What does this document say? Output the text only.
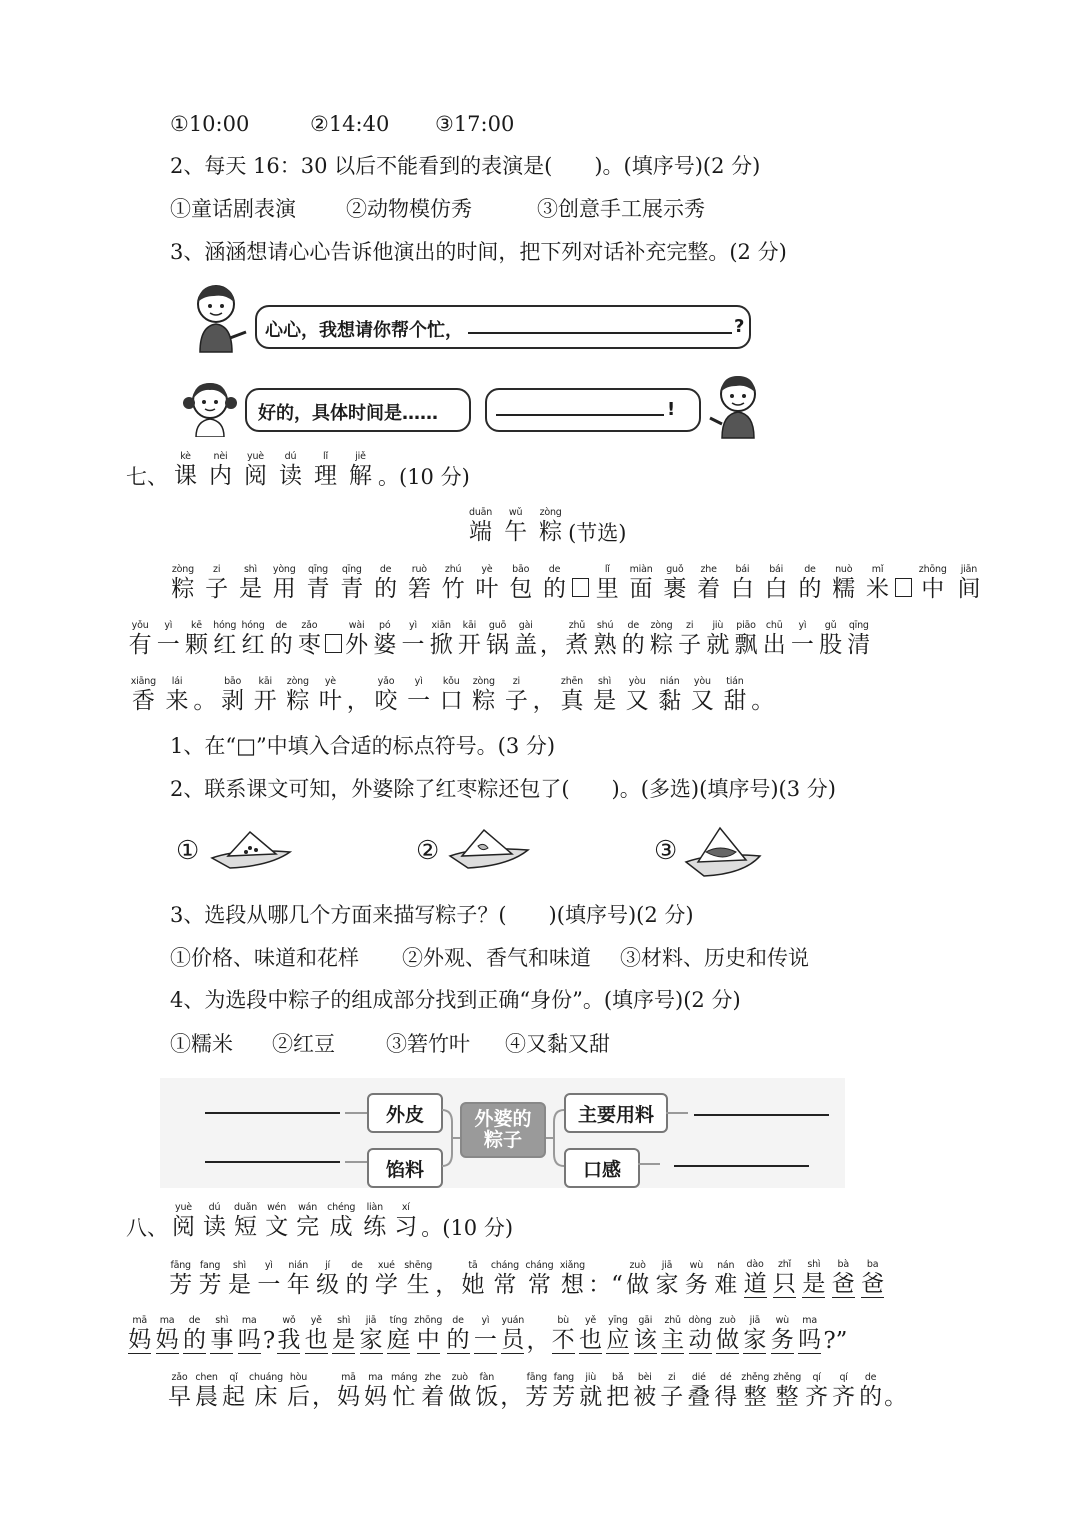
①10:00	②14:40 ③17:00
2、每天 16：30 以后不能看到的表演是(　　)。(填序号)(2 分)
①童话剧表演 ②动物模仿秀	③创意手工展示秀
3、涵涵想请心心告诉他演出的时间，把下列对话补充完整。(2 分)
心心，我想请你帮个忙，	?
好的，具体时间是……	!
七、
kè
课
nèi
内
yuè
阅
dú
读
lǐ
理
jiě
解 。(10 分)
duān
端
wǔ
午
zòng
粽 (节选)
zòng
粽
zi
子
shì
是
yòng
用
qīng
青
qīng
青
de
的
ruò
箬
zhú
竹
yè
叶
bāo
包
de
的
lǐ
里
miàn
面
guǒ
裹
zhe
着
bái
白
bái
白
de
的
nuò
糯
mǐ
米
zhōng
中
jiān
间
yǒu
有
yì
一
kē
颗
hóng
红
hóng
红
de
的
zǎo
枣
wài
外
pó
婆
yì
一
xiān
掀
kāi
开
guō
锅
gài
盖 ，
zhǔ
煮
shú
熟
de
的
zòng
粽
zi
子
jiù
就
piāo
飘
chū
出
yì
一
gǔ
股
qīng
清
xiāng
香
lái
来 。
bāo
剥
kāi
开
zòng
粽
yè
叶 ，
yǎo
咬
yì
一
kǒu
口
zòng
粽
zi
子 ，
zhēn
真
shì
是
yòu
又
nián
黏
yòu
又
tián
甜 。
1、在“□”中填入合适的标点符号。(3 分)
2、联系课文可知，外婆除了红枣粽还包了(　　)。(多选)(填序号)(3 分)
①	②	③
3、选段从哪几个方面来描写粽子？(　　)(填序号)(2 分)
①价格、味道和花样 ②外观、香气和味道 ③材料、历史和传说
4、为选段中粽子的组成部分找到正确“身份”。(填序号)(2 分)
①糯米 ②红豆 ③箬竹叶 ④又黏又甜
外皮
馅料
外婆的粽子
主要用料
口感
八、
yuè
阅
dú
读
duǎn
短
wén
文
wán
完
chéng
成
liàn
练
xí
习 。(10 分)
fāng
芳
fang
芳
shì
是
yì
一
nián
年
jí
级
de
的
xué
学
shēng
生 ，
tā
她
cháng
常
cháng
常
xiǎng
想 ：“
zuò
做
jiā
家
wù
务
nán
难
dào
道
zhǐ
只
shì
是
bà
爸
ba
爸
mā
妈
ma
妈
de
的
shì
事
ma
吗 ?
wǒ
我
yě
也
shì
是
jiā
家
tíng
庭
zhōng
中
de
的
yì
一
yuán
员 ，
bù
不
yě
也
yīng
应
gāi
该
zhǔ
主
dòng
动
zuò
做
jiā
家
wù
务
ma
吗 ?”
zǎo
早
chen
晨
qǐ
起
chuáng
床
hòu
后 ，
mā
妈
ma
妈
máng
忙
zhe
着
zuò
做
fàn
饭 ，
fāng
芳
fang
芳
jiù
就
bǎ
把
bèi
被
zi
子
dié
叠
dé
得
zhěng
整
zhěng
整
qí
齐
qí
齐
de
的 。
